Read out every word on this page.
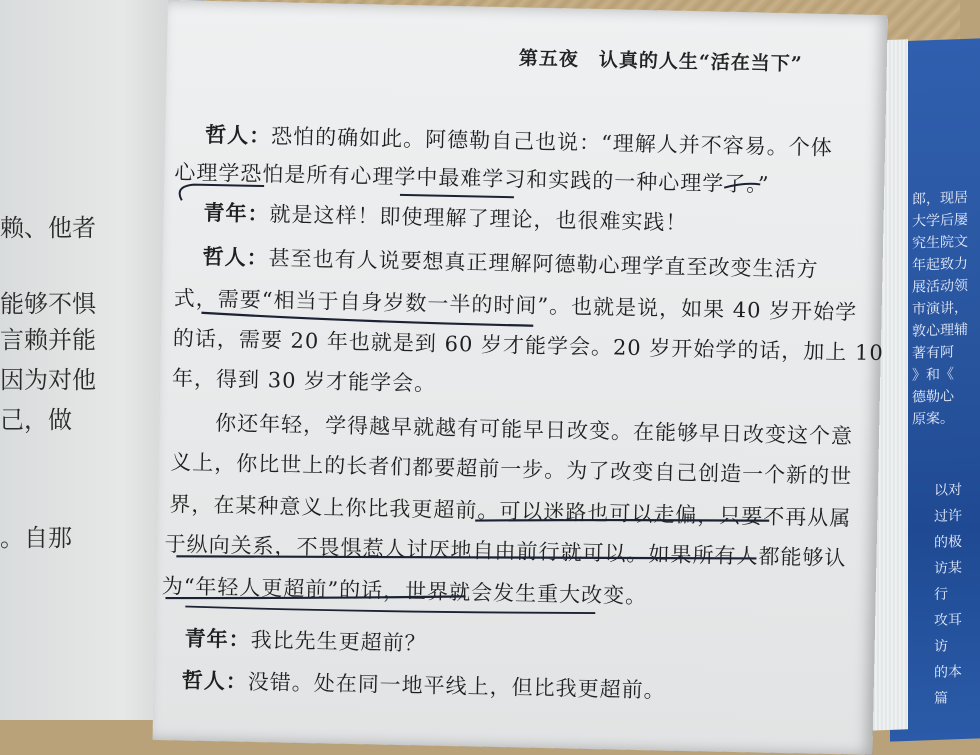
赖、他者
能够不惧
言赖并能
因为对他
己，做
。自那
郎，现居
大学后屡
究生院文
年起致力
展活动领
市演讲，
敦心理辅
著有阿
》和《
德勒心
原案。
以对
过许
的极
访某
行
攻耳
访
的本
篇
第五夜　认真的人生“活在当下”
哲人：恐怕的确如此。阿德勒自己也说：“理解人并不容易。个体
心理学恐怕是所有心理学中最难学习和实践的一种心理学了。”
青年：就是这样！即使理解了理论，也很难实践！
哲人：甚至也有人说要想真正理解阿德勒心理学直至改变生活方
式，需要“相当于自身岁数一半的时间”。也就是说，如果 40 岁开始学
的话，需要 20 年也就是到 60 岁才能学会。20 岁开始学的话，加上 10
年，得到 30 岁才能学会。
　　你还年轻，学得越早就越有可能早日改变。在能够早日改变这个意
义上，你比世上的长者们都要超前一步。为了改变自己创造一个新的世
界，在某种意义上你比我更超前。可以迷路也可以走偏，只要不再从属
于纵向关系，不畏惧惹人讨厌地自由前行就可以。如果所有人都能够认
为“年轻人更超前”的话，世界就会发生重大改变。
青年：我比先生更超前？
哲人：没错。处在同一地平线上，但比我更超前。
